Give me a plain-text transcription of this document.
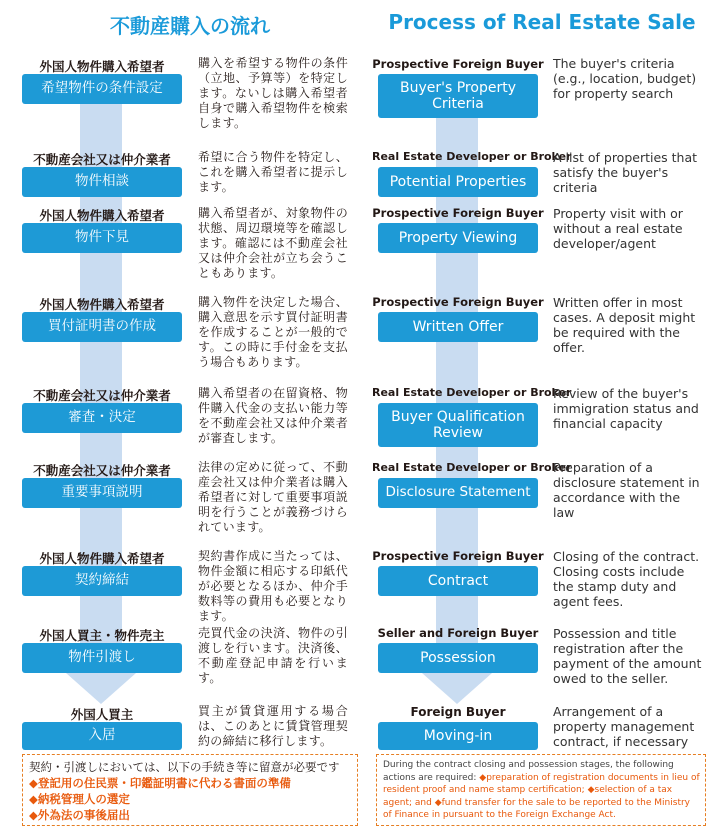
不動産購入の流れ	Process of Real Estate Sale
外国人物件購入希望者
希望物件の条件設定
購入を希望する物件の条件（立地、予算等）を特定します。ないしは購入希望者自身で購入希望物件を検索します。
不動産会社又は仲介業者
物件相談
希望に合う物件を特定し、これを購入希望者に提示します。
外国人物件購入希望者
物件下見
購入希望者が、対象物件の状態、周辺環境等を確認します。確認には不動産会社又は仲介会社が立ち会うこともあります。
外国人物件購入希望者
買付証明書の作成
購入物件を決定した場合、購入意思を示す買付証明書を作成することが一般的です。この時に手付金を支払う場合もあります。
不動産会社又は仲介業者
審査・決定
購入希望者の在留資格、物件購入代金の支払い能力等を不動産会社又は仲介業者が審査します。
不動産会社又は仲介業者
重要事項説明
法律の定めに従って、不動産会社又は仲介業者は購入希望者に対して重要事項説明を行うことが義務づけられています。
外国人物件購入希望者
契約締結
契約書作成に当たっては、物件金額に相応する印紙代が必要となるほか、仲介手数料等の費用も必要となります。
外国人買主・物件売主
物件引渡し
売買代金の決済、物件の引渡しを行います。決済後、不動産登記申請を行います。
外国人買主
入居
買主が賃貸運用する場合は、このあとに賃貸管理契約の締結に移行します。
Prospective Foreign Buyer
Buyer's Property Criteria
The buyer's criteria (e.g., location, budget) for property search
Real Estate Developer or Broker
Potential Properties
A list of properties that satisfy the buyer's criteria
Prospective Foreign Buyer
Property Viewing
Property visit with or without a real estate developer/agent
Prospective Foreign Buyer
Written Offer
Written offer in most cases. A deposit might be required with the offer.
Real Estate Developer or Broker
Buyer Qualification Review
Review of the buyer's immigration status and financial capacity
Real Estate Developer or Broker
Disclosure Statement
Preparation of a disclosure statement in accordance with the law
Prospective Foreign Buyer
Contract
Closing of the contract. Closing costs include the stamp duty and agent fees.
Seller and Foreign Buyer
Possession
Possession and title registration after the payment of the amount owed to the seller.
Foreign Buyer
Moving-in
Arrangement of a property management contract, if necessary
契約・引渡しにおいては、以下の手続き等に留意が必要です
◆登記用の住民票・印鑑証明書に代わる書面の準備
◆納税管理人の選定
◆外為法の事後届出
During the contract closing and possession stages, the following actions are required: ◆preparation of registration documents in lieu of resident proof and name stamp certification; ◆selection of a tax agent; and ◆fund transfer for the sale to be reported to the Ministry of Finance in pursuant to the Foreign Exchange Act.
